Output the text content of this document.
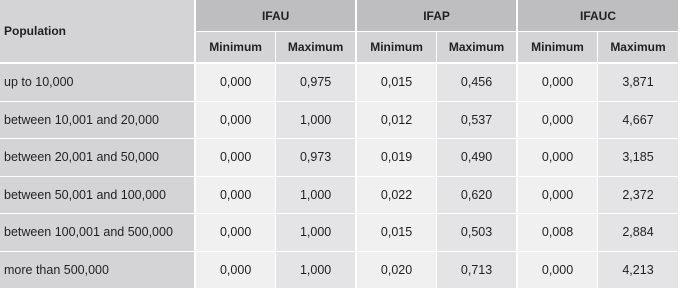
Population	IFAU		IFAP		IFAUC	
	Minimum	Maximum	Minimum	Maximum	Minimum	Maximum

up to 10,000	0,000	0,975	0,015	0,456	0,000	3,871
between 10,001 and 20,000	0,000	1,000	0,012	0,537	0,000	4,667
between 20,001 and 50,000	0,000	0,973	0,019	0,490	0,000	3,185
between 50,001 and 100,000	0,000	1,000	0,022	0,620	0,000	2,372
between 100,001 and 500,000	0,000	1,000	0,015	0,503	0,008	2,884
more than 500,000	0,000	1,000	0,020	0,713	0,000	4,213
